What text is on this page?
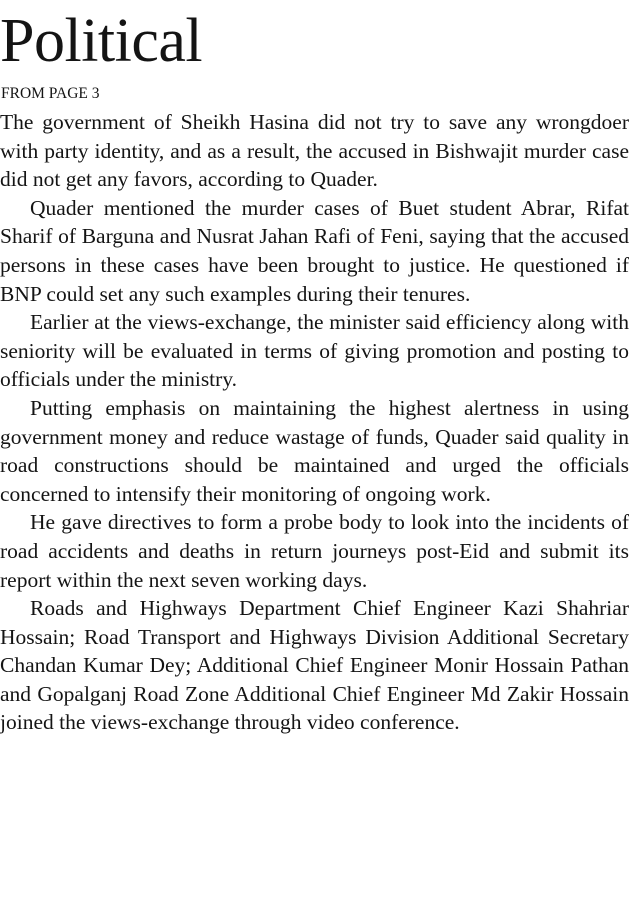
Political
FROM PAGE 3

The government of Sheikh Hasina did not try to save any wrongdoer with party identity, and as a result, the accused in Bishwajit murder case did not get any favors, according to Quader.

Quader mentioned the murder cases of Buet student Abrar, Rifat Sharif of Barguna and Nusrat Jahan Rafi of Feni, saying that the accused persons in these cases have been brought to justice. He questioned if BNP could set any such examples during their tenures.

Earlier at the views-exchange, the minister said efficiency along with seniority will be evaluated in terms of giving promotion and posting to officials under the ministry.

Putting emphasis on maintaining the highest alertness in using government money and reduce wastage of funds, Quader said quality in road constructions should be maintained and urged the officials concerned to intensify their monitoring of ongoing work.

He gave directives to form a probe body to look into the incidents of road accidents and deaths in return journeys post-Eid and submit its report within the next seven working days.

Roads and Highways Department Chief Engineer Kazi Shahriar Hossain; Road Transport and Highways Division Additional Secretary Chandan Kumar Dey; Additional Chief Engineer Monir Hossain Pathan and Gopalganj Road Zone Additional Chief Engineer Md Zakir Hossain joined the views-exchange through video conference.
